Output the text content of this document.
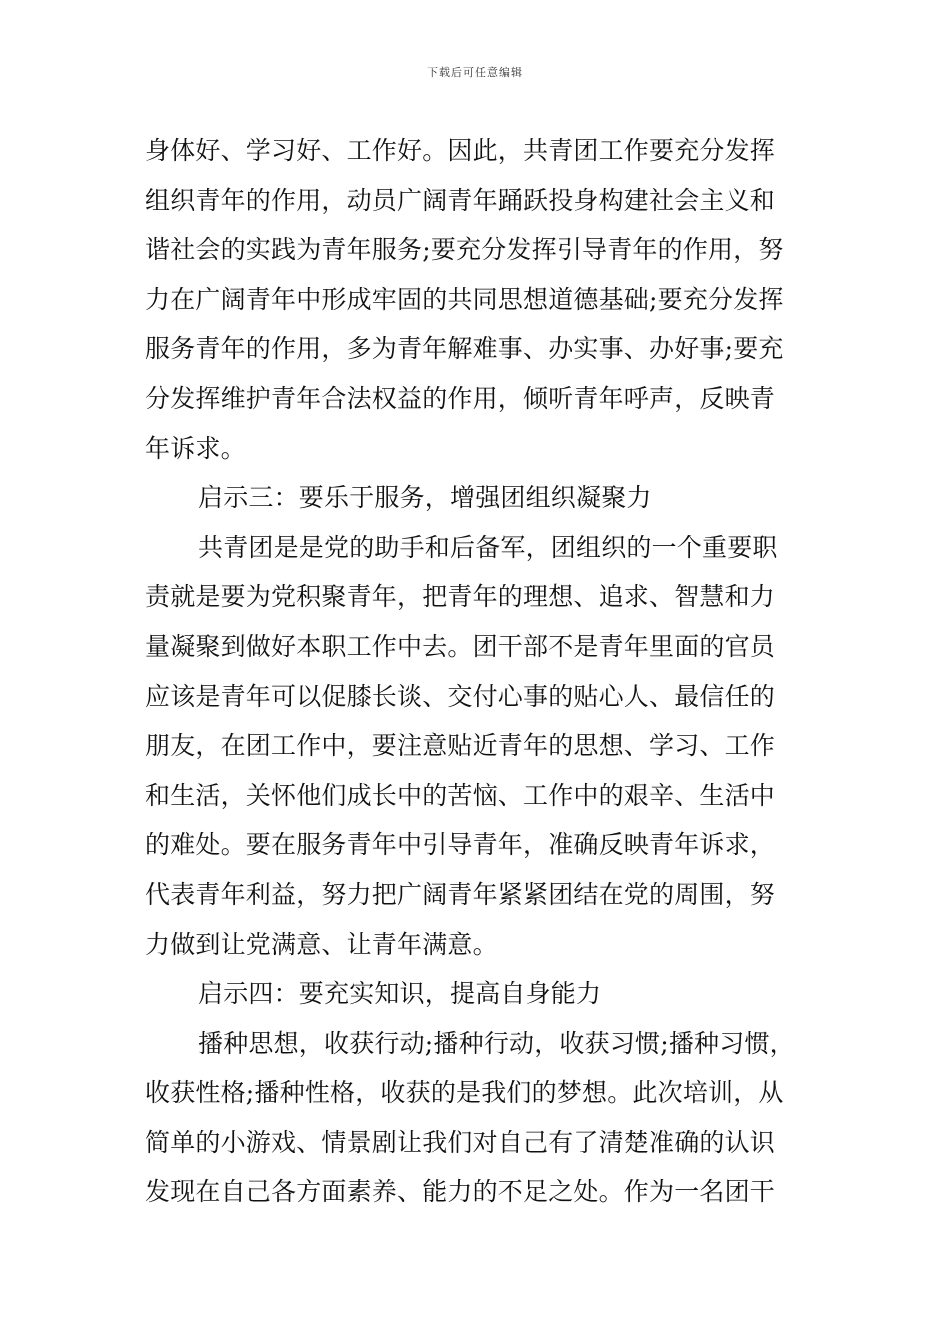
下载后可任意编辑
身体好、学习好、工作好。因此，共青团工作要充分发挥
组织青年的作用，动员广阔青年踊跃投身构建社会主义和
谐社会的实践为青年服务;要充分发挥引导青年的作用，努
力在广阔青年中形成牢固的共同思想道德基础;要充分发挥
服务青年的作用，多为青年解难事、办实事、办好事;要充
分发挥维护青年合法权益的作用，倾听青年呼声，反映青
年诉求。
启示三：要乐于服务，增强团组织凝聚力
共青团是是党的助手和后备军，团组织的一个重要职
责就是要为党积聚青年，把青年的理想、追求、智慧和力
量凝聚到做好本职工作中去。团干部不是青年里面的官员
应该是青年可以促膝长谈、交付心事的贴心人、最信任的
朋友，在团工作中，要注意贴近青年的思想、学习、工作
和生活，关怀他们成长中的苦恼、工作中的艰辛、生活中
的难处。要在服务青年中引导青年，准确反映青年诉求，
代表青年利益，努力把广阔青年紧紧团结在党的周围，努
力做到让党满意、让青年满意。
启示四：要充实知识，提高自身能力
播种思想，收获行动;播种行动，收获习惯;播种习惯，
收获性格;播种性格，收获的是我们的梦想。此次培训，从
简单的小游戏、情景剧让我们对自己有了清楚准确的认识
发现在自己各方面素养、能力的不足之处。作为一名团干
